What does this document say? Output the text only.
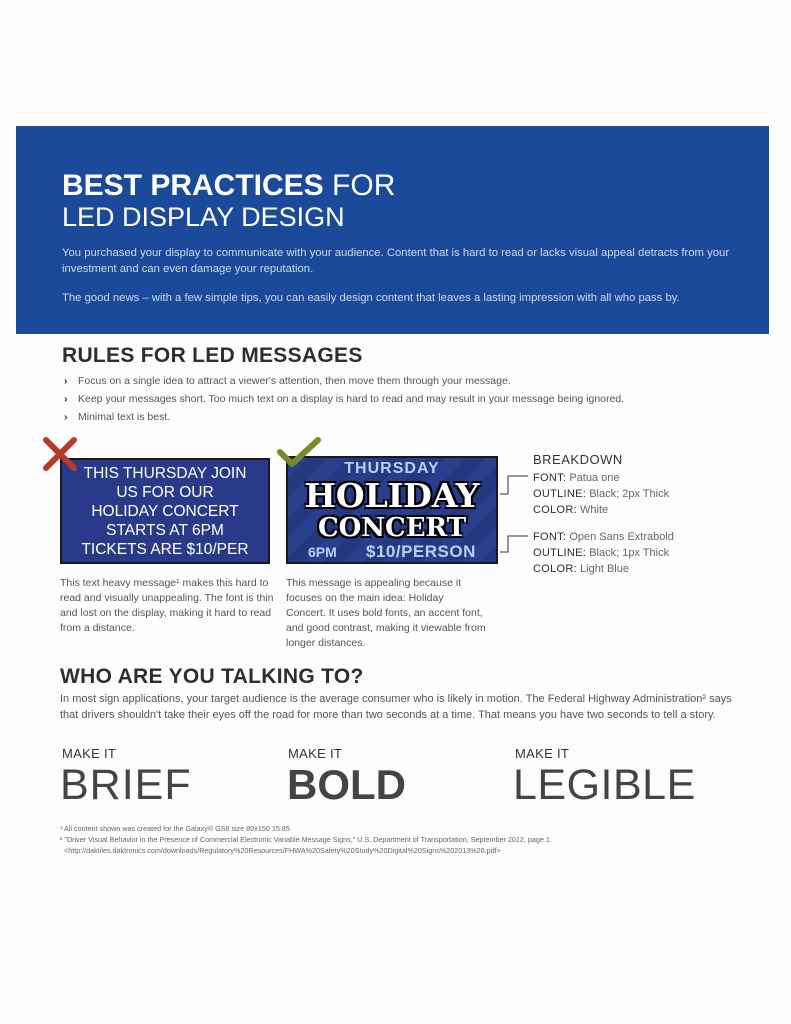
BEST PRACTICES FOR
LED DISPLAY DESIGN
You purchased your display to communicate with your audience. Content that is hard to read or lacks visual appeal detracts from your investment and can even damage your reputation.
The good news – with a few simple tips, you can easily design content that leaves a lasting impression with all who pass by.
RULES FOR LED MESSAGES
› Focus on a single idea to attract a viewer's attention, then move them through your message.
› Keep your messages short. Too much text on a display is hard to read and may result in your message being ignored.
› Minimal text is best.
THIS THURSDAY JOIN
US FOR OUR
HOLIDAY CONCERT
STARTS AT 6PM
TICKETS ARE $10/PER
THURSDAY
HOLIDAY
CONCERT
6PM $10/PERSON
This text heavy message¹ makes this hard to read and visually unappealing. The font is thin and lost on the display, making it hard to read from a distance.
This message is appealing because it focuses on the main idea: Holiday Concert. It uses bold fonts, an accent font, and good contrast, making it viewable from longer distances.
BREAKDOWN
FONT: Patua one
OUTLINE: Black; 2px Thick
COLOR: White
FONT: Open Sans Extrabold
OUTLINE: Black; 1px Thick
COLOR: Light Blue
WHO ARE YOU TALKING TO?
In most sign applications, your target audience is the average consumer who is likely in motion. The Federal Highway Administration² says that drivers shouldn't take their eyes off the road for more than two seconds at a time. That means you have two seconds to tell a story.
MAKE IT	MAKE IT	MAKE IT
BRIEF BOLD LEGIBLE
¹ All content shown was created for the Galaxy® GS6 size 80x150 15.85
² "Driver Visual Behavior in the Presence of Commercial Electronic Variable Message Signs," U.S. Department of Transportation, September 2012, page 1.
<http://daktiles.daktronics.com/downloads/Regulatory%20Resources/FHWA%20Safety%20Study%20Digital%20Signs%202013%20.pdf>
